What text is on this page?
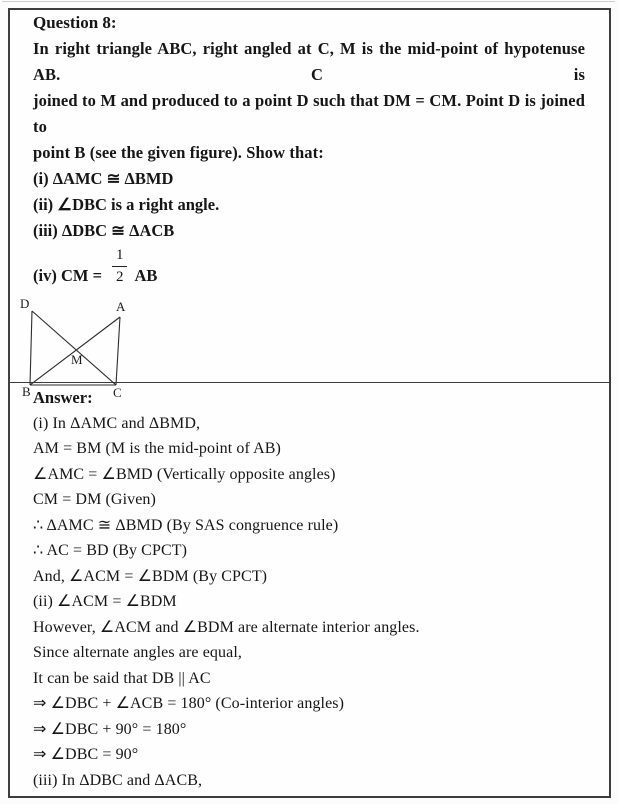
Question 8:
In right triangle ABC, right angled at C, M is the mid-point of hypotenuse AB. C is
joined to M and produced to a point D such that DM = CM. Point D is joined to
point B (see the given figure). Show that:
(i) ΔAMC ≅ ΔBMD
(ii) ∠DBC is a right angle.
(iii) ΔDBC ≅ ΔACB
(iv) CM = $\frac{1}{2}$ AB
D	A
B	C
M
Answer:
(i) In ΔAMC and ΔBMD,
AM = BM (M is the mid-point of AB)
∠AMC = ∠BMD (Vertically opposite angles)
CM = DM (Given)
∴ ΔAMC ≅ ΔBMD (By SAS congruence rule)
∴ AC = BD (By CPCT)
And, ∠ACM = ∠BDM (By CPCT)
(ii) ∠ACM = ∠BDM
However, ∠ACM and ∠BDM are alternate interior angles.
Since alternate angles are equal,
It can be said that DB || AC
⇒ ∠DBC + ∠ACB = 180° (Co-interior angles)
⇒ ∠DBC + 90° = 180°
⇒ ∠DBC = 90°
(iii) In ΔDBC and ΔACB,
